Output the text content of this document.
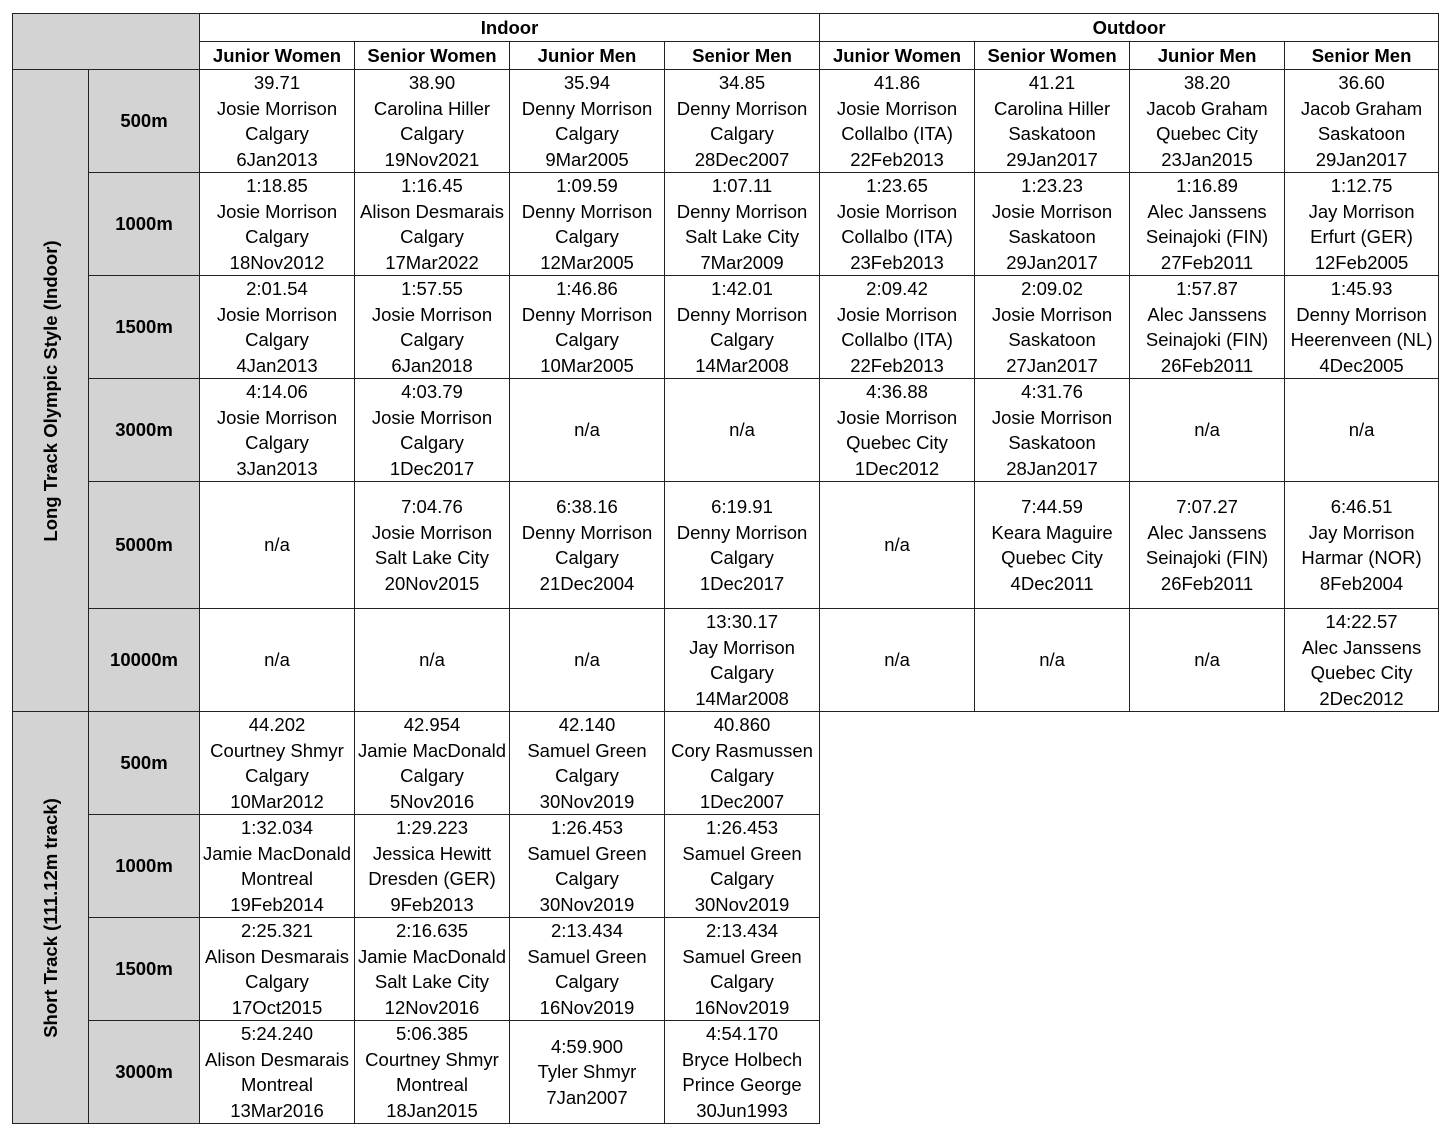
		Indoor				Outdoor			
		Junior Women	Senior Women	Junior Men	Senior Men	Junior Women	Senior Women	Junior Men	Senior Men

Long Track Olympic Style (Indoor)	500m	39.71
Josie Morrison
Calgary
6Jan2013	38.90
Carolina Hiller
Calgary
19Nov2021	35.94
Denny Morrison
Calgary
9Mar2005	34.85
Denny Morrison
Calgary
28Dec2007	41.86
Josie Morrison
Collalbo (ITA)
22Feb2013	41.21
Carolina Hiller
Saskatoon
29Jan2017	38.20
Jacob Graham
Quebec City
23Jan2015	36.60
Jacob Graham
Saskatoon
29Jan2017

	1000m	1:18.85
Josie Morrison
Calgary
18Nov2012	1:16.45
Alison Desmarais
Calgary
17Mar2022	1:09.59
Denny Morrison
Calgary
12Mar2005	1:07.11
Denny Morrison
Salt Lake City
7Mar2009	1:23.65
Josie Morrison
Collalbo (ITA)
23Feb2013	1:23.23
Josie Morrison
Saskatoon
29Jan2017	1:16.89
Alec Janssens
Seinajoki (FIN)
27Feb2011	1:12.75
Jay Morrison
Erfurt (GER)
12Feb2005

	1500m	2:01.54
Josie Morrison
Calgary
4Jan2013	1:57.55
Josie Morrison
Calgary
6Jan2018	1:46.86
Denny Morrison
Calgary
10Mar2005	1:42.01
Denny Morrison
Calgary
14Mar2008	2:09.42
Josie Morrison
Collalbo (ITA)
22Feb2013	2:09.02
Josie Morrison
Saskatoon
27Jan2017	1:57.87
Alec Janssens
Seinajoki (FIN)
26Feb2011	1:45.93
Denny Morrison
Heerenveen (NL)
4Dec2005

	3000m	4:14.06
Josie Morrison
Calgary
3Jan2013	4:03.79
Josie Morrison
Calgary
1Dec2017	n/a	n/a	4:36.88
Josie Morrison
Quebec City
1Dec2012	4:31.76
Josie Morrison
Saskatoon
28Jan2017	n/a	n/a

	5000m	n/a	7:04.76
Josie Morrison
Salt Lake City
20Nov2015	6:38.16
Denny Morrison
Calgary
21Dec2004	6:19.91
Denny Morrison
Calgary
1Dec2017	n/a	7:44.59
Keara Maguire
Quebec City
4Dec2011	7:07.27
Alec Janssens
Seinajoki (FIN)
26Feb2011	6:46.51
Jay Morrison
Harmar (NOR)
8Feb2004

	10000m	n/a	n/a	n/a	13:30.17
Jay Morrison
Calgary
14Mar2008	n/a	n/a	n/a	14:22.57
Alec Janssens
Quebec City
2Dec2012

Short Track (111.12m track)	500m	44.202
Courtney Shmyr
Calgary
10Mar2012	42.954
Jamie MacDonald
Calgary
5Nov2016	42.140
Samuel Green
Calgary
30Nov2019	40.860
Cory Rasmussen
Calgary
1Dec2007				

	1000m	1:32.034
Jamie MacDonald
Montreal
19Feb2014	1:29.223
Jessica Hewitt
Dresden (GER)
9Feb2013	1:26.453
Samuel Green
Calgary
30Nov2019	1:26.453
Samuel Green
Calgary
30Nov2019				

	1500m	2:25.321
Alison Desmarais
Calgary
17Oct2015	2:16.635
Jamie MacDonald
Salt Lake City
12Nov2016	2:13.434
Samuel Green
Calgary
16Nov2019	2:13.434
Samuel Green
Calgary
16Nov2019				

	3000m	5:24.240
Alison Desmarais
Montreal
13Mar2016	5:06.385
Courtney Shmyr
Montreal
18Jan2015	4:59.900
Tyler Shmyr
7Jan2007	4:54.170
Bryce Holbech
Prince George
30Jun1993				
